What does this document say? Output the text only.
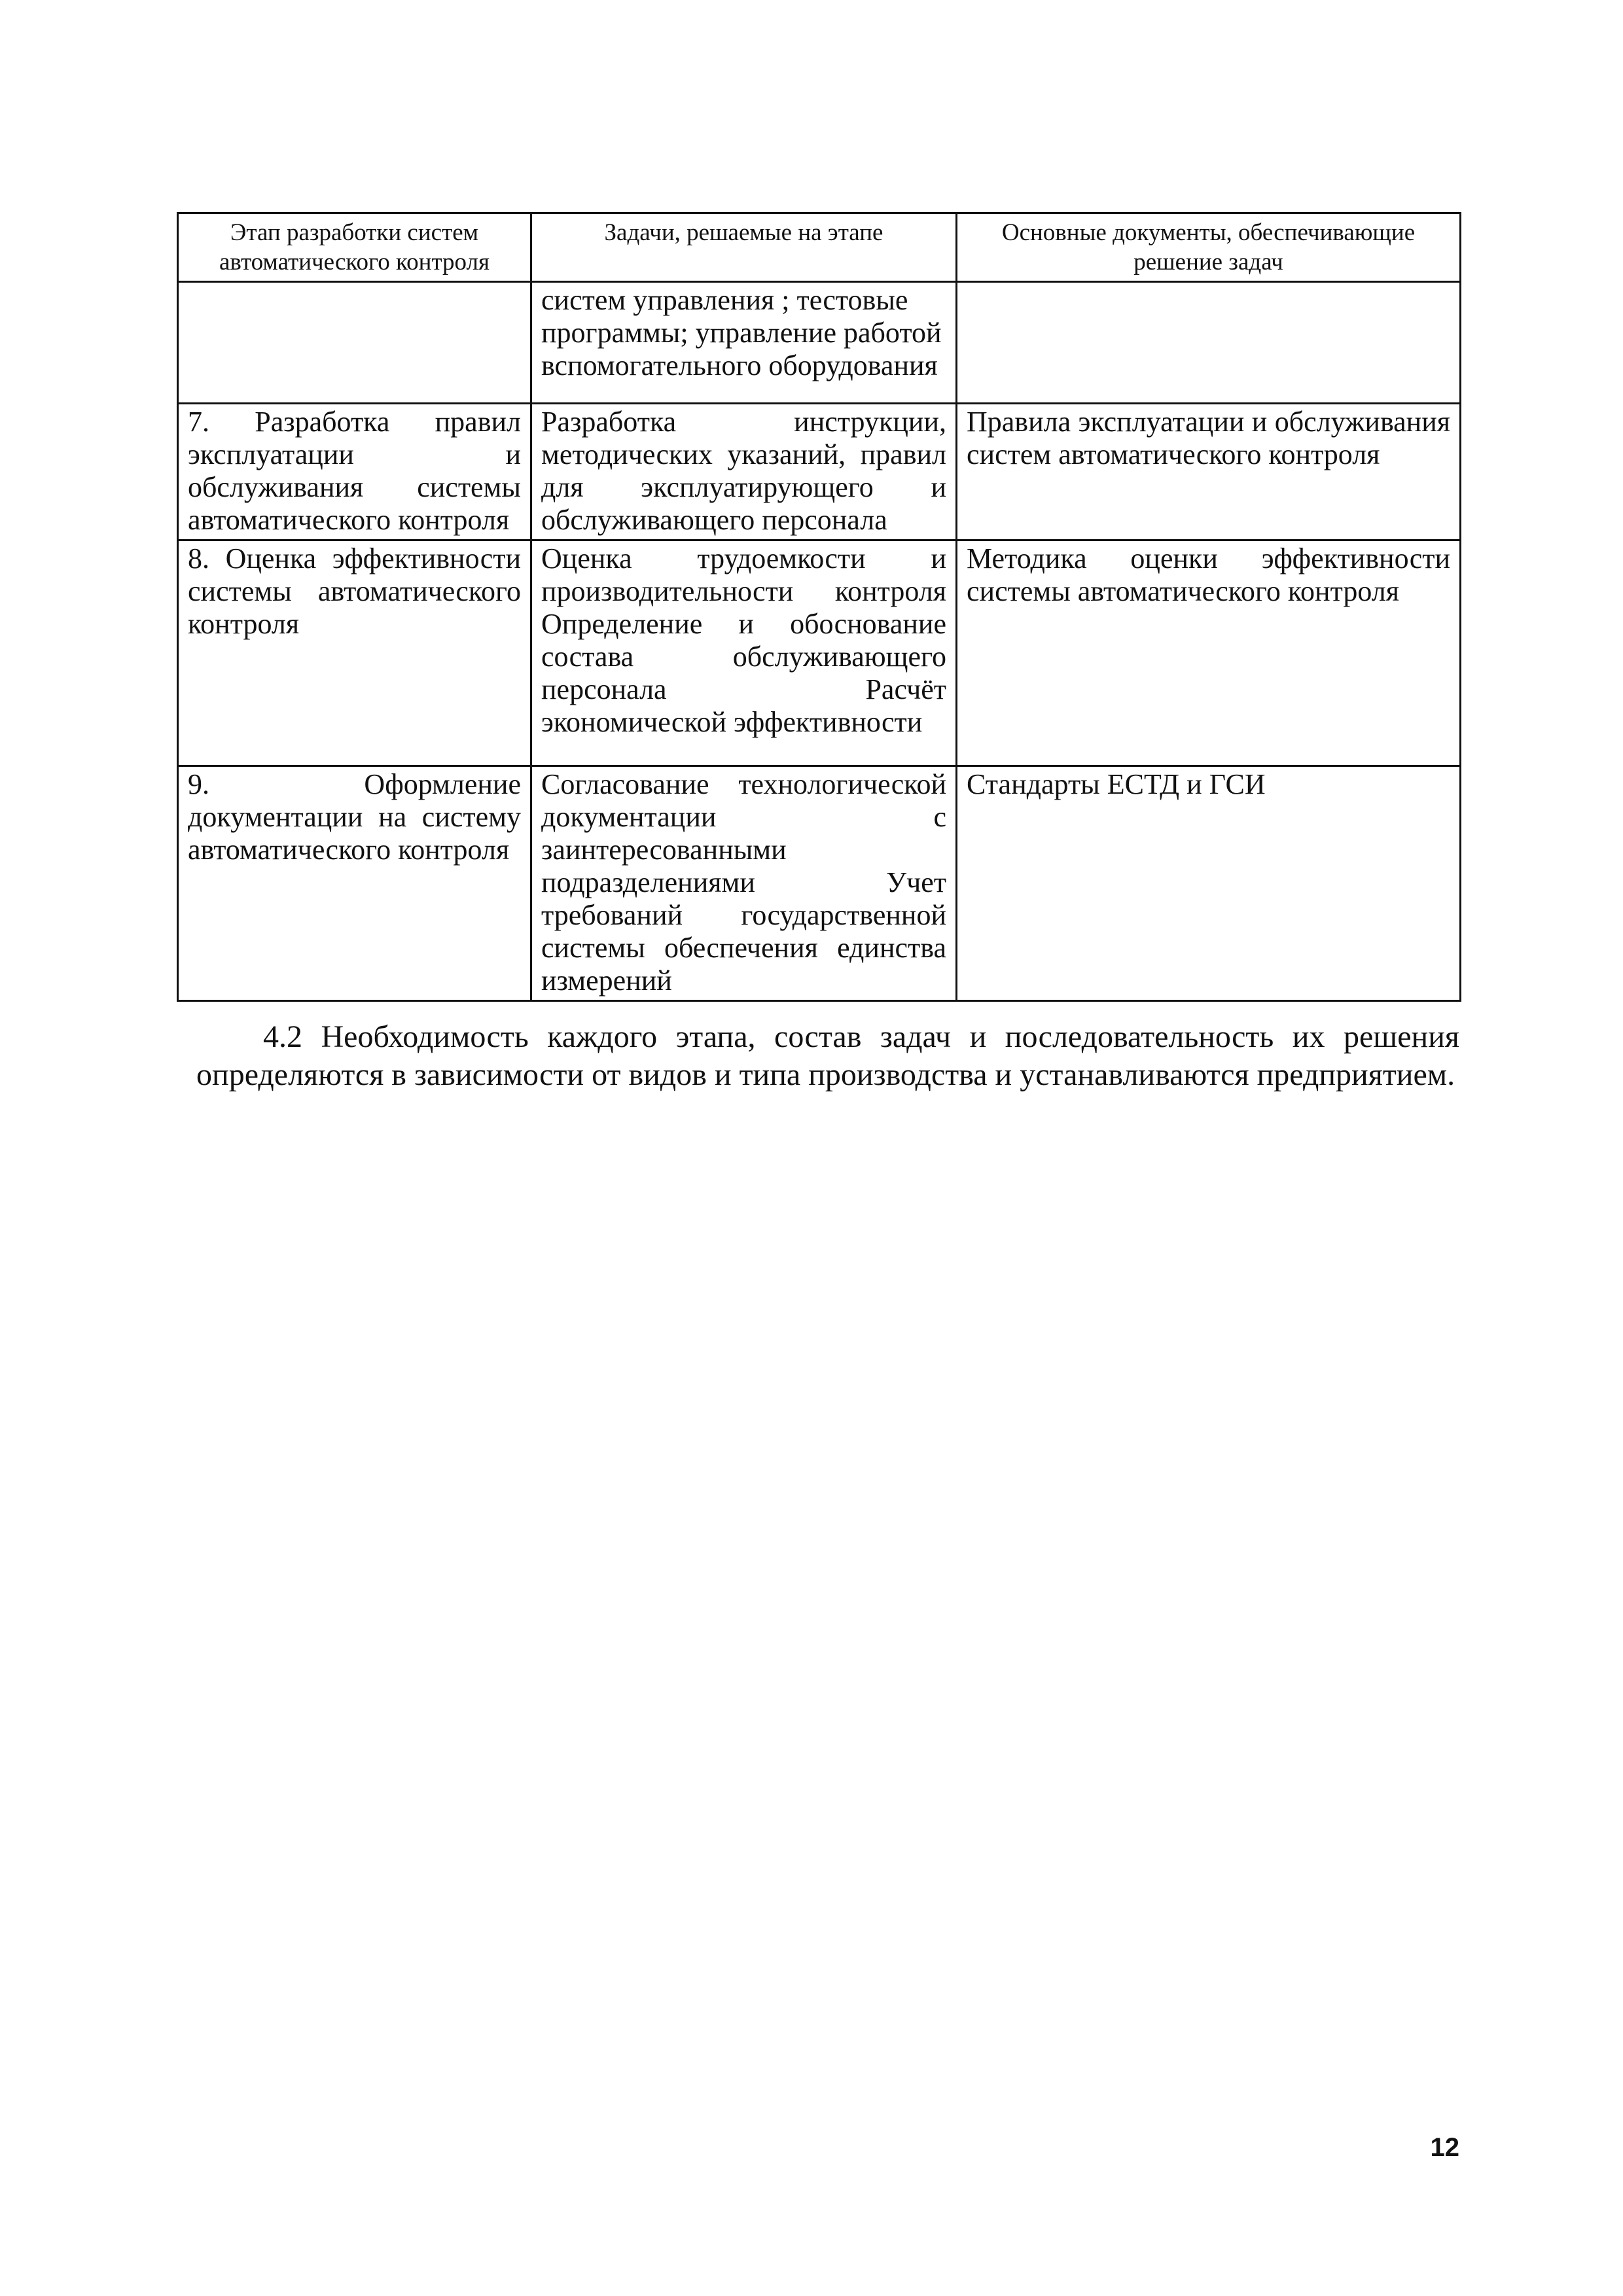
Этап разработки систем автоматического контроля	Задачи, решаемые на этапе	Основные документы, обеспечивающие решение задач
	систем управления ; тестовые программы; управление работой вспомогательного оборудования	
7. Разработка правил эксплуатации и обслуживания системы автоматического контроля	Разработка инструкции, методических указаний, правил для эксплуатирующего и обслуживающего персонала	Правила эксплуатации и обслуживания систем автоматического контроля
8. Оценка эффективности системы автоматического контроля	Оценка трудоемкости и производительности контроля Определение и обоснование состава обслуживающего персонала Расчёт экономической эффективности	Методика оценки эффективности системы автоматического контроля
9. Оформление документации на систему автоматического контроля	Согласование технологической документации с заинтересованными подразделениями Учет требований государственной системы обеспечения единства измерений	Стандарты ЕСТД и ГСИ

4.2 Необходимость каждого этапа, состав задач и последовательность их решения определяются в зависимости от видов и типа производства и устанавливаются предприятием.

12
